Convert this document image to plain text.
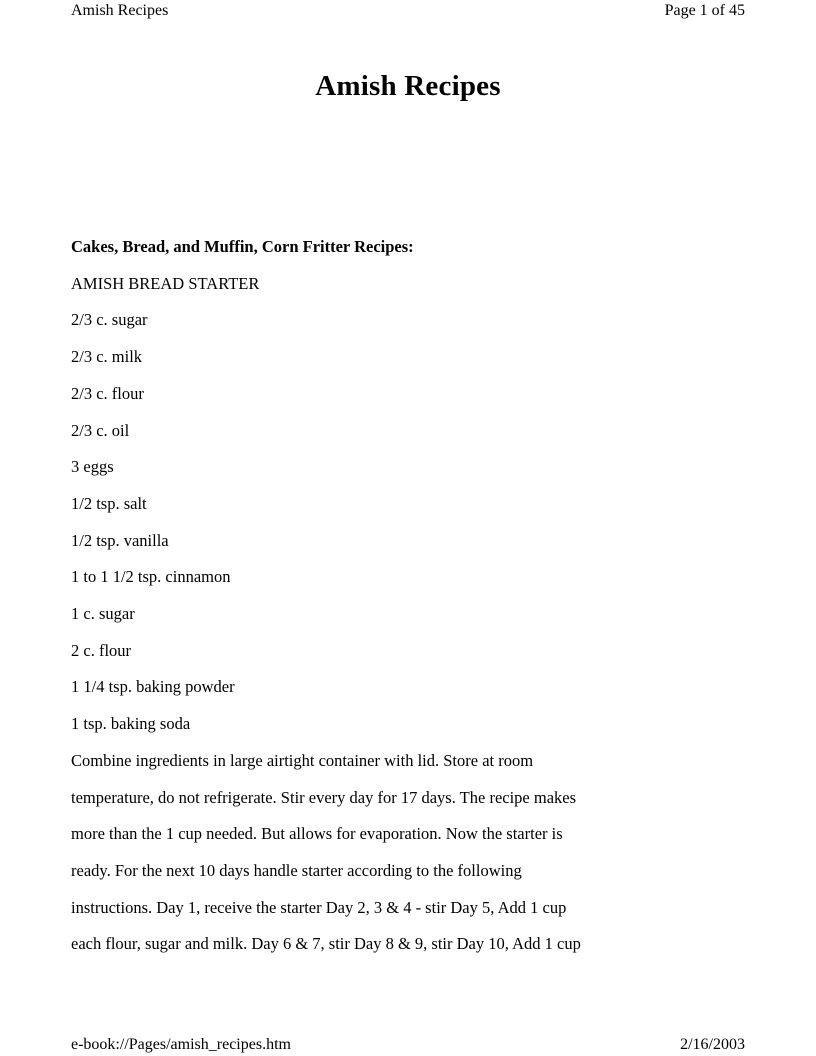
Amish Recipes	Page 1 of 45
Amish Recipes
Cakes, Bread, and Muffin, Corn Fritter Recipes:
AMISH BREAD STARTER
2/3 c. sugar
2/3 c. milk
2/3 c. flour
2/3 c. oil
3 eggs
1/2 tsp. salt
1/2 tsp. vanilla
1 to 1 1/2 tsp. cinnamon
1 c. sugar
2 c. flour
1 1/4 tsp. baking powder
1 tsp. baking soda
Combine ingredients in large airtight container with lid. Store at room
temperature, do not refrigerate. Stir every day for 17 days. The recipe makes
more than the 1 cup needed. But allows for evaporation. Now the starter is
ready. For the next 10 days handle starter according to the following
instructions. Day 1, receive the starter Day 2, 3 & 4 - stir Day 5, Add 1 cup
each flour, sugar and milk. Day 6 & 7, stir Day 8 & 9, stir Day 10, Add 1 cup
e-book://Pages/amish_recipes.htm	2/16/2003
